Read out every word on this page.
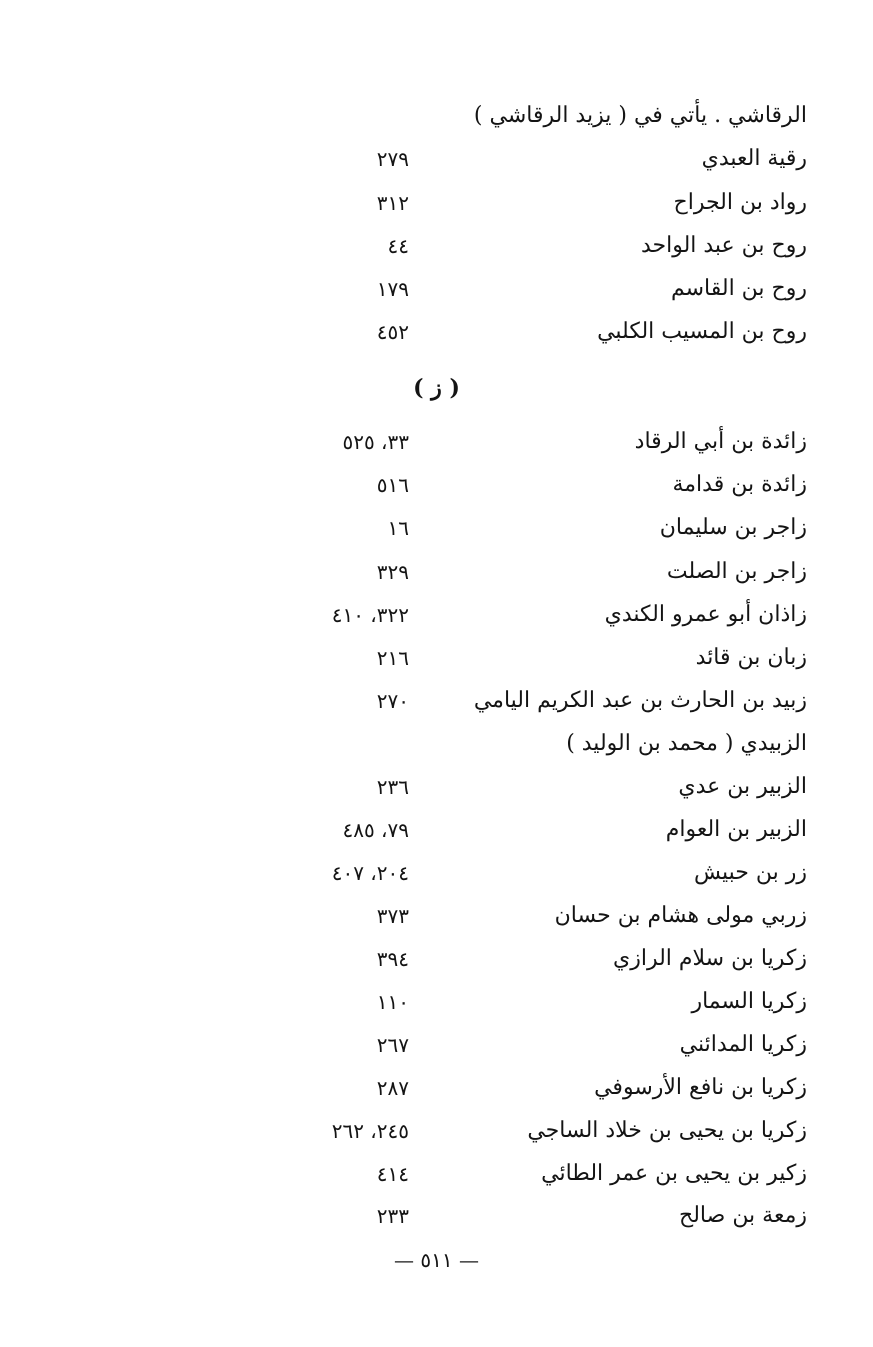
الرقاشي . يأتي في ( يزيد الرقاشي )
رقية العبدي
٢٧٩
رواد بن الجراح
٣١٢
روح بن عبد الواحد
٤٤
روح بن القاسم
١٧٩
روح بن المسيب الكلبي
٤٥٢
( ز )
زائدة بن أبي الرقاد
٣٣، ٥٢٥
زائدة بن قدامة
٥١٦
زاجر بن سليمان
١٦
زاجر بن الصلت
٣٢٩
زاذان أبو عمرو الكندي
٣٢٢، ٤١٠
زبان بن قائد
٢١٦
زبيد بن الحارث بن عبد الكريم اليامي
٢٧٠
الزبيدي ( محمد بن الوليد )
الزبير بن عدي
٢٣٦
الزبير بن العوام
٧٩، ٤٨٥
زر بن حبيش
٢٠٤، ٤٠٧
زربي مولى هشام بن حسان
٣٧٣
زكريا بن سلام الرازي
٣٩٤
زكريا السمار
١١٠
زكريا المدائني
٢٦٧
زكريا بن نافع الأرسوفي
٢٨٧
زكريا بن يحيى بن خلاد الساجي
٢٤٥، ٢٦٢
زكير بن يحيى بن عمر الطائي
٤١٤
زمعة بن صالح
٢٣٣
— ٥١١ —
